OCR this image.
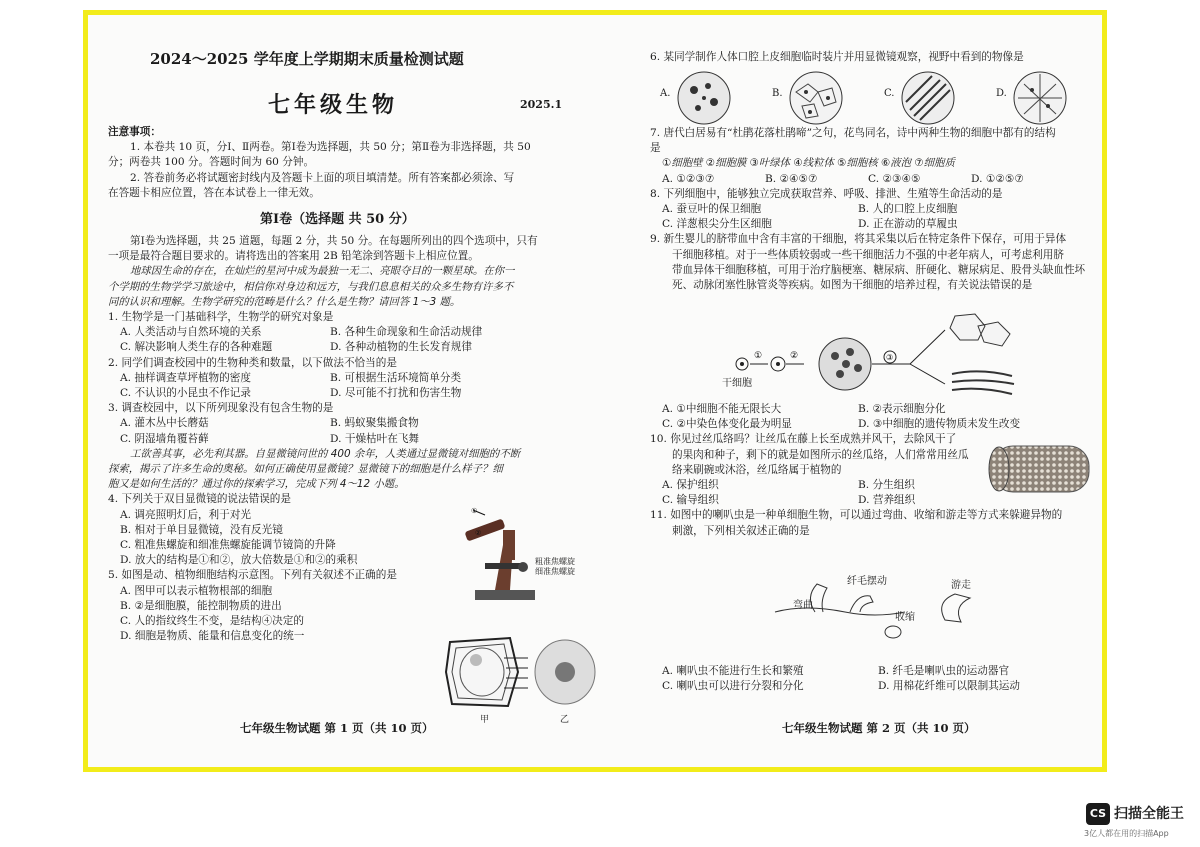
2024～2025 学年度上学期期末质量检测试题
七年级生物	2025.1
第Ⅰ卷（选择题 共 50 分）
注意事项：
1. 本卷共 10 页，分Ⅰ、Ⅱ两卷。第Ⅰ卷为选择题，共 50 分；第Ⅱ卷为非选择题，共 50
分；两卷共 100 分。答题时间为 60 分钟。
2. 答卷前务必将试题密封线内及答题卡上面的项目填清楚。所有答案都必须涂、写
在答题卡相应位置，答在本试卷上一律无效。
第Ⅰ卷为选择题，共 25 道题，每题 2 分，共 50 分。在每题所列出的四个选项中，只有
一项是最符合题目要求的。请将选出的答案用 2B 铅笔涂到答题卡上相应位置。
地球因生命的存在，在灿烂的星河中成为最独一无二、亮眼夺目的一颗星球。在你一
个学期的生物学学习旅途中，相信你对身边和远方，与我们息息相关的众多生物有许多不
同的认识和理解。生物学研究的范畴是什么？什么是生物？请回答 1～3 题。
1. 生物学是一门基础科学，生物学的研究对象是
A. 人类活动与自然环境的关系	B. 各种生命现象和生命活动规律
C. 解决影响人类生存的各种难题	D. 各种动植物的生长发育规律
2. 同学们调查校园中的生物种类和数量，以下做法不恰当的是
A. 抽样调查草坪植物的密度	B. 可根据生活环境简单分类
C. 不认识的小昆虫不作记录	D. 尽可能不打扰和伤害生物
3. 调查校园中，以下所列现象没有包含生物的是
A. 灌木丛中长蘑菇	B. 蚂蚁聚集搬食物
C. 阴湿墙角覆苔藓	D. 干燥枯叶在飞舞
工欲善其事，必先利其器。自显微镜问世的 400 余年，人类通过显微镜对细胞的不断
探索，揭示了许多生命的奥秘。如何正确使用显微镜？显微镜下的细胞是什么样子？细
胞又是如何生活的？通过你的探索学习，完成下列 4～12 小题。
4. 下列关于双目显微镜的说法错误的是
A. 调亮照明灯后，利于对光
B. 相对于单目显微镜，没有反光镜
C. 粗准焦螺旋和细准焦螺旋能调节镜筒的升降
D. 放大的结构是①和②，放大倍数是①和②的乘积
5. 如图是动、植物细胞结构示意图。下列有关叙述不正确的是
A. 图甲可以表示植物根部的细胞
B. ②是细胞膜，能控制物质的进出
C. 人的指纹终生不变，是结构④决定的
D. 细胞是物质、能量和信息变化的统一
①
②
粗准焦螺旋
细准焦螺旋
甲	乙
七年级生物试题 第 1 页（共 10 页）
6. 某同学制作人体口腔上皮细胞临时装片并用显微镜观察，视野中看到的物像是
A.	B.	C.	D.
7. 唐代白居易有“杜鹃花落杜鹃啼”之句，花鸟同名，诗中两种生物的细胞中都有的结构
是
①细胞壁 ②细胞膜 ③叶绿体 ④线粒体 ⑤细胞核 ⑥液泡 ⑦细胞质
A. ①②③⑦	B. ②④⑤⑦	C. ②③④⑤	D. ①②⑤⑦
8. 下列细胞中，能够独立完成获取营养、呼吸、排泄、生殖等生命活动的是
A. 蚕豆叶的保卫细胞	B. 人的口腔上皮细胞
C. 洋葱根尖分生区细胞	D. 正在游动的草履虫
9. 新生婴儿的脐带血中含有丰富的干细胞，将其采集以后在特定条件下保存，可用于异体
干细胞移植。对于一些体质较弱或一些干细胞活力不强的中老年病人，可考虑利用脐
带血异体干细胞移植，可用于治疗脑梗塞、糖尿病、肝硬化、糖尿病足、股骨头缺血性坏
死、动脉闭塞性脉管炎等疾病。如图为干细胞的培养过程，有关说法错误的是
①	②	③
干细胞
A. ①中细胞不能无限长大	B. ②表示细胞分化
C. ②中染色体变化最为明显	D. ③中细胞的遗传物质未发生改变
10. 你见过丝瓜络吗？让丝瓜在藤上长至成熟并风干，去除风干了
的果肉和种子，剩下的就是如图所示的丝瓜络，人们常常用丝瓜
络来刷碗或沐浴，丝瓜络属于植物的
A. 保护组织	B. 分生组织
C. 输导组织	D. 营养组织
11. 如图中的喇叭虫是一种单细胞生物，可以通过弯曲、收缩和游走等方式来躲避异物的
刺激，下列相关叙述正确的是
纤毛摆动	游走
弯曲
收缩
A. 喇叭虫不能进行生长和繁殖	B. 纤毛是喇叭虫的运动器官
C. 喇叭虫可以进行分裂和分化	D. 用棉花纤维可以限制其运动
七年级生物试题 第 2 页（共 10 页）
CS 扫描全能王
3亿人都在用的扫描App
